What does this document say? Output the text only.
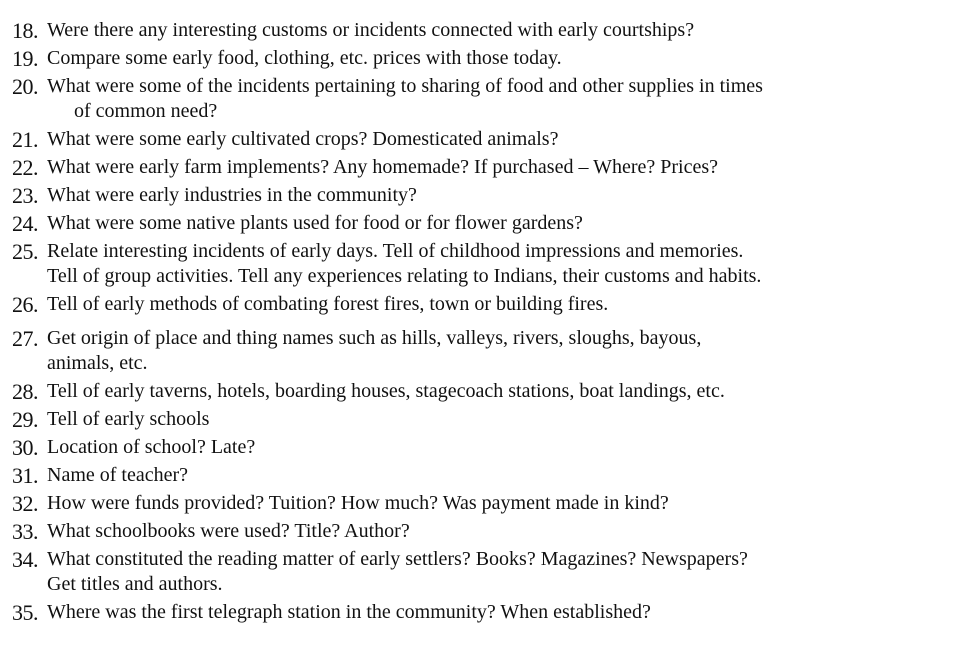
18. Were there any interesting customs or incidents connected with early courtships?
19. Compare some early food, clothing, etc. prices with those today.
20. What were some of the incidents pertaining to sharing of food and other supplies in times
of common need?
21. What were some early cultivated crops? Domesticated animals?
22. What were early farm implements? Any homemade? If purchased – Where? Prices?
23. What were early industries in the community?
24. What were some native plants used for food or for flower gardens?
25. Relate interesting incidents of early days. Tell of childhood impressions and memories.
Tell of group activities. Tell any experiences relating to Indians, their customs and habits.
26. Tell of early methods of combating forest fires, town or building fires.
27. Get origin of place and thing names such as hills, valleys, rivers, sloughs, bayous,
animals, etc.
28. Tell of early taverns, hotels, boarding houses, stagecoach stations, boat landings, etc.
29. Tell of early schools
30. Location of school? Late?
31. Name of teacher?
32. How were funds provided? Tuition? How much? Was payment made in kind?
33. What schoolbooks were used? Title? Author?
34. What constituted the reading matter of early settlers? Books? Magazines? Newspapers?
Get titles and authors.
35. Where was the first telegraph station in the community? When established?
